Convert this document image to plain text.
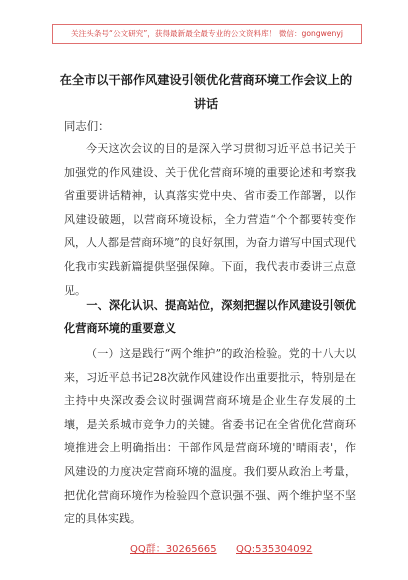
关注头条号“公文研究”，获得最新最全最专业的公文资料库！ 微信：gongwenyj
在全市以干部作风建设引领优化营商环境工作会议上的讲话
同志们：
今天这次会议的目的是深入学习贯彻习近平总书记关于加强党的作风建设、关于优化营商环境的重要论述和考察我省重要讲话精神，认真落实党中央、省市委工作部署，以作风建设破题，以营商环境设标，全力营造“个个都要转变作风，人人都是营商环境”的良好氛围，为奋力谱写中国式现代化我市实践新篇提供坚强保障。下面，我代表市委讲三点意见。
一、深化认识、提高站位，深刻把握以作风建设引领优化营商环境的重要意义
（一）这是践行“两个维护”的政治检验。党的十八大以来，习近平总书记28次就作风建设作出重要批示，特别是在主持中央深改委会议时强调营商环境是企业生存发展的土壤，是关系城市竞争力的关键。省委书记在全省优化营商环境推进会上明确指出：干部作风是营商环境的'晴雨表'，作风建设的力度决定营商环境的温度。我们要从政治上考量，把优化营商环境作为检验四个意识强不强、两个维护坚不坚定的具体实践。
QQ群：30265665 QQ:535304092
